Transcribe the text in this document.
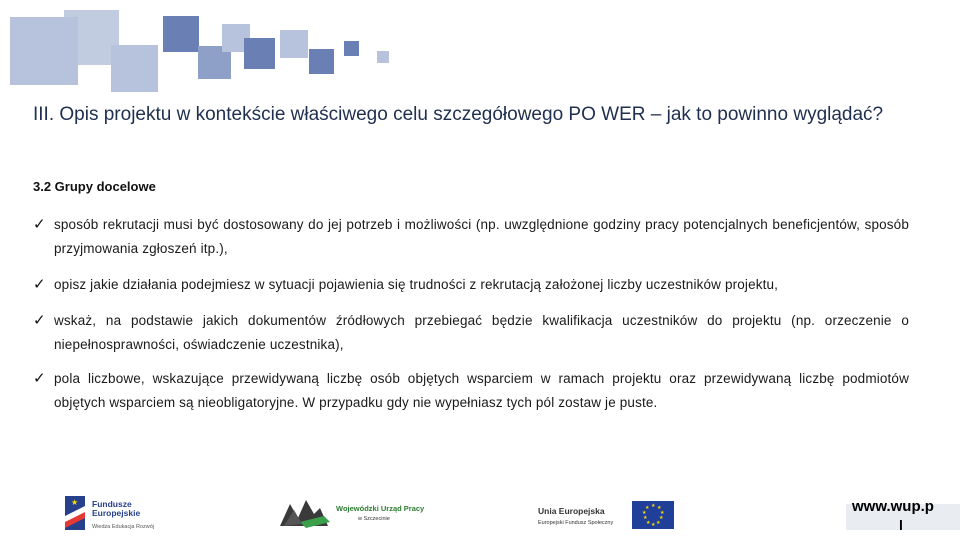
III. Opis projektu w kontekście właściwego celu szczegółowego PO WER – jak to powinno wyglądać?
3.2 Grupy docelowe
✓ sposób rekrutacji musi być dostosowany do jej potrzeb i możliwości (np. uwzględnione godziny pracy potencjalnych beneficjentów, sposób przyjmowania zgłoszeń itp.),
✓ opisz jakie działania podejmiesz w sytuacji pojawienia się trudności z rekrutacją założonej liczby uczestników projektu,
✓ wskaż, na podstawie jakich dokumentów źródłowych przebiegać będzie kwalifikacja uczestników do projektu (np. orzeczenie o niepełnosprawności, oświadczenie uczestnika),
✓ pola liczbowe, wskazujące przewidywaną liczbę osób objętych wsparciem w ramach projektu oraz przewidywaną liczbę podmiotów objętych wsparciem są nieobligatoryjne. W przypadku gdy nie wypełniasz tych pól zostaw je puste.
★ Fundusze
Europejskie
Wiedza Edukacja Rozwój
Wojewódzki Urząd Pracy
w Szczecinie
Unia Europejska
Europejski Fundusz Społeczny
★ ★
★
★
★
★
★
★
★
★	www.wup.p
l
